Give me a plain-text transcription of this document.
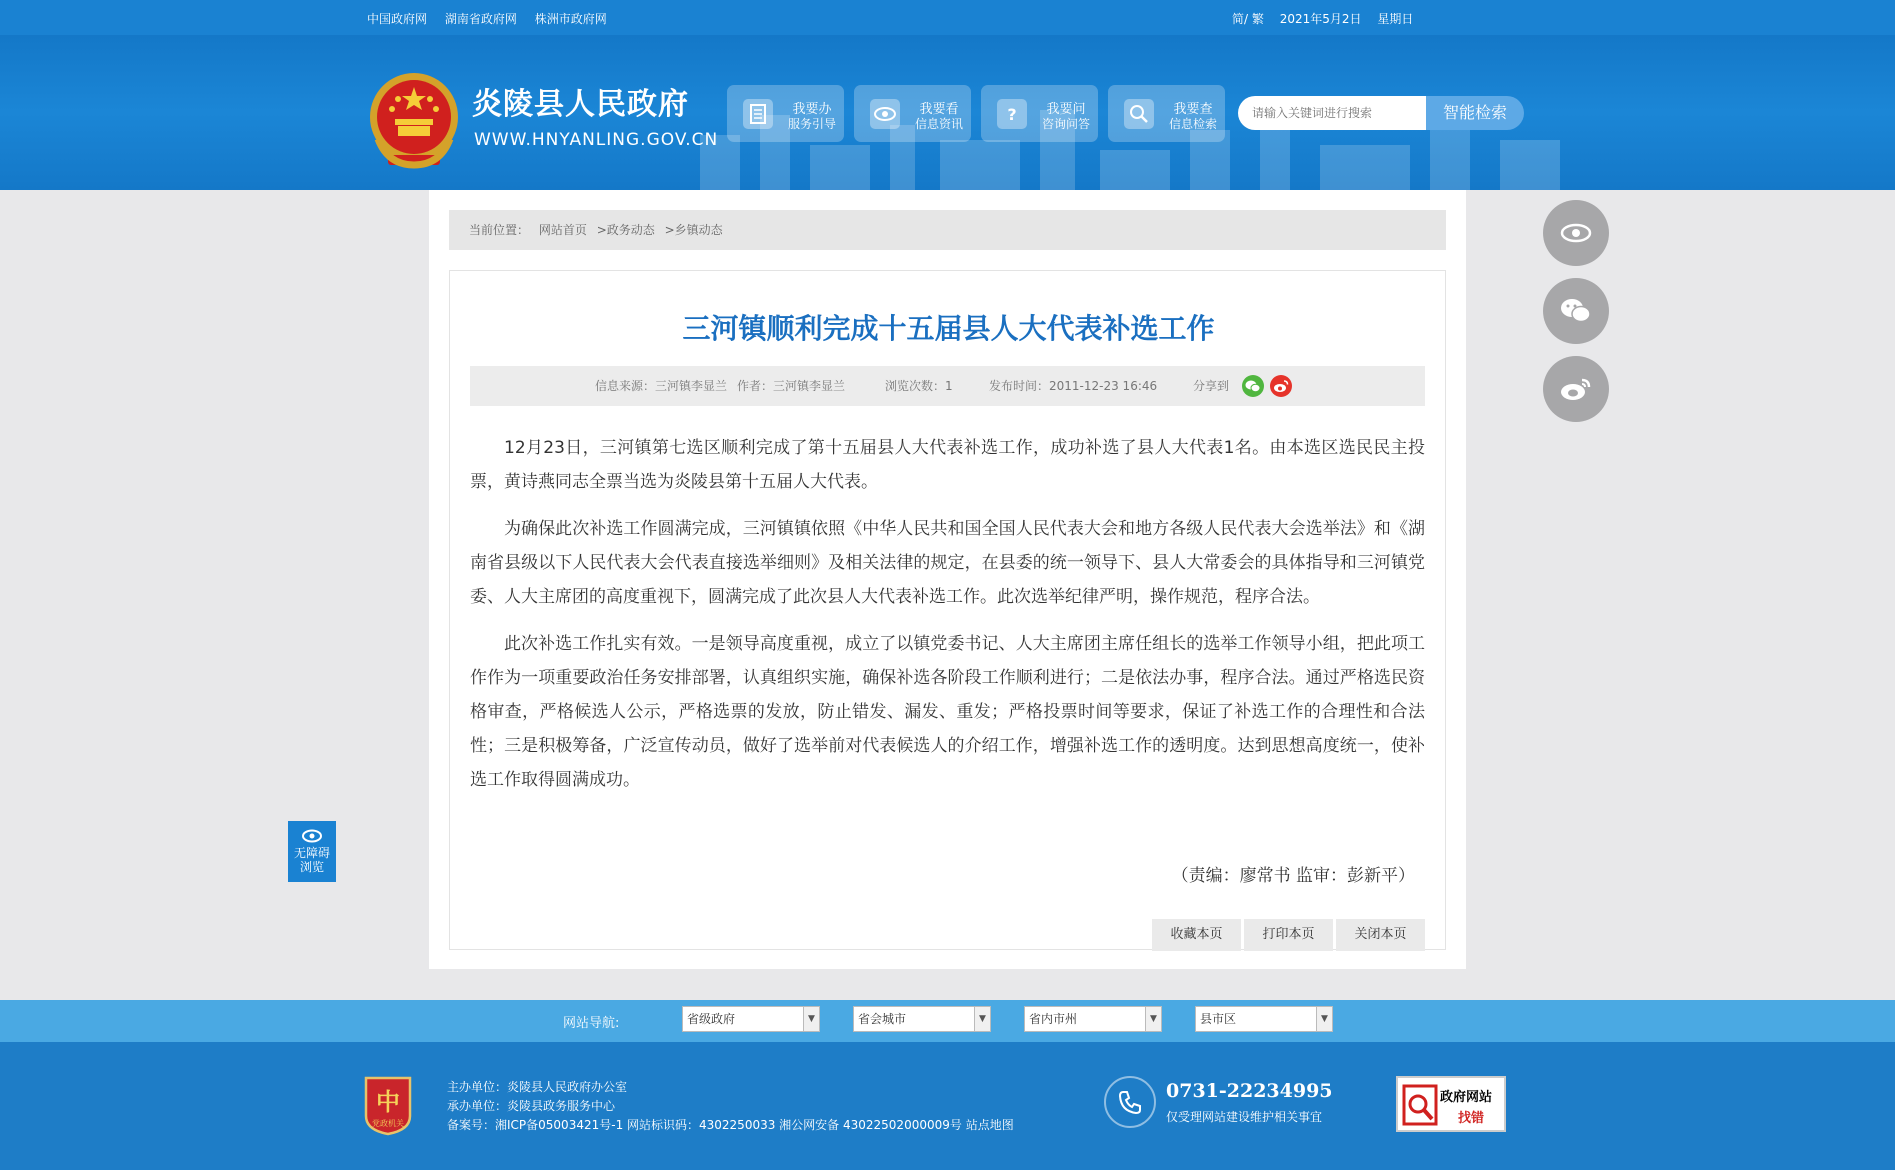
中国政府网 湖南省政府网 株洲市政府网	简/ 繁 2021年5月2日 星期日
炎陵县人民政府
WWW.HNYANLING.GOV.CN
我要办
服务引导
我要看
信息资讯	?	我要问
咨询问答
我要查
信息检索
请输入关键词进行搜索
智能检索
无障碍
浏览
当前位置： 网站首页 >政务动态 >乡镇动态
三河镇顺利完成十五届县人大代表补选工作
信息来源：三河镇李显兰 作者：三河镇李显兰	浏览次数：1	发布时间：2011-12-23 16:46	分享到

12月23日，三河镇第七选区顺利完成了第十五届县人大代表补选工作，成功补选了县人大代表1名。由本选区选民民主投票，黄诗燕同志全票当选为炎陵县第十五届人大代表。

为确保此次补选工作圆满完成，三河镇镇依照《中华人民共和国全国人民代表大会和地方各级人民代表大会选举法》和《湖南省县级以下人民代表大会代表直接选举细则》及相关法律的规定，在县委的统一领导下、县人大常委会的具体指导和三河镇党委、人大主席团的高度重视下，圆满完成了此次县人大代表补选工作。此次选举纪律严明，操作规范，程序合法。

此次补选工作扎实有效。一是领导高度重视，成立了以镇党委书记、人大主席团主席任组长的选举工作领导小组，把此项工作作为一项重要政治任务安排部署，认真组织实施，确保补选各阶段工作顺利进行；二是依法办事，程序合法。通过严格选民资格审查，严格候选人公示，严格选票的发放，防止错发、漏发、重发；严格投票时间等要求，保证了补选工作的合理性和合法性；三是积极筹备，广泛宣传动员，做好了选举前对代表候选人的介绍工作，增强补选工作的透明度。达到思想高度统一，使补选工作取得圆满成功。

（责编：廖常书 监审：彭新平）
收藏本页	打印本页	关闭本页
网站导航:	省级政府	▼	省会城市	▼	省内市州	▼	县市区	▼
中
党政机关
主办单位：炎陵县人民政府办公室
承办单位：炎陵县政务服务中心
备案号：湘ICP备05003421号-1 网站标识码：4302250033 湘公网安备 43022502000009号 站点地图
0731-22234995
仅受理网站建设维护相关事宜
政府网站
找错
